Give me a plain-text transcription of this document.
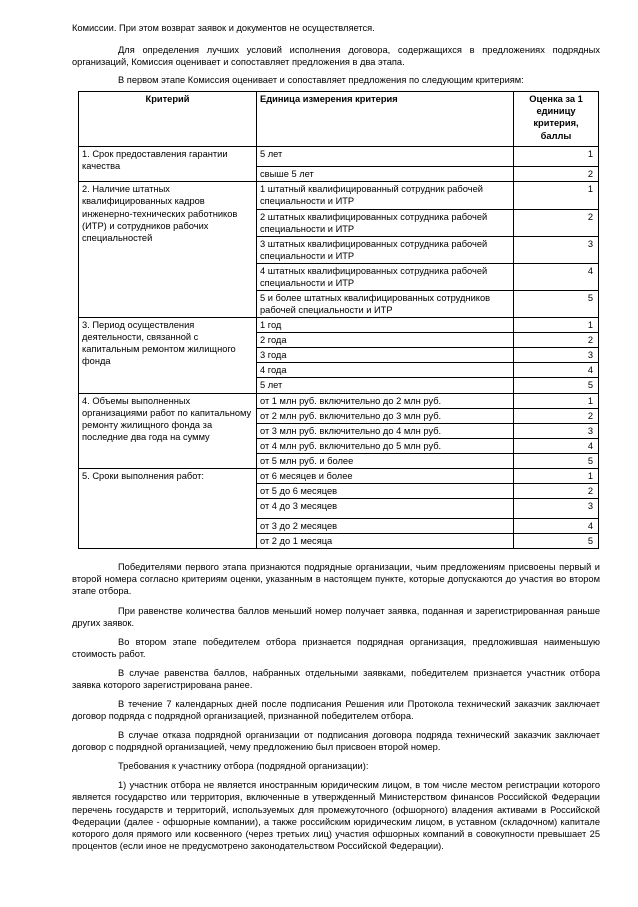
Комиссии. При этом возврат заявок и документов не осуществляется.

Для определения лучших условий исполнения договора, содержащихся в предложениях подрядных организаций, Комиссия оценивает и сопоставляет предложения в два этапа.

В первом этапе Комиссия оценивает и сопоставляет предложения по следующим критериям:

Критерий	Единица измерения критерия	Оценка за 1 единицу критерия, баллы
1. Срок предоставления гарантии качества	5 лет	1
	свыше 5 лет	2
2. Наличие штатных квалифицированных кадров инженерно-технических работников (ИТР) и сотрудников рабочих специальностей	1 штатный квалифицированный сотрудник рабочей специальности и ИТР	1
	2 штатных квалифицированных сотрудника рабочей специальности и ИТР	2
	3 штатных квалифицированных сотрудника рабочей специальности и ИТР	3
	4 штатных квалифицированных сотрудника рабочей специальности и ИТР	4
	5 и более штатных квалифицированных сотрудников рабочей специальности и ИТР	5
3. Период осуществления деятельности, связанной с капитальным ремонтом жилищного фонда	1 год	1
	2 года	2
	3 года	3
	4 года	4
	5 лет	5
4. Объемы выполненных организациями работ по капитальному ремонту жилищного фонда за последние два года на сумму	от 1 млн руб. включительно до 2 млн руб.	1
	от 2 млн руб. включительно до 3 млн руб.	2
	от 3 млн руб. включительно до 4 млн руб.	3
	от 4 млн руб. включительно до 5 млн руб.	4
	от 5 млн руб. и более	5
5. Сроки выполнения работ:	от 6 месяцев и более	1
	от 5 до 6 месяцев	2
	от 4 до 3 месяцев	3
	от 3 до 2 месяцев	4
	от 2 до 1 месяца	5

Победителями первого этапа признаются подрядные организации, чьим предложениям присвоены первый и второй номера согласно критериям оценки, указанным в настоящем пункте, которые допускаются до участия во втором этапе отбора.

При равенстве количества баллов меньший номер получает заявка, поданная и зарегистрированная раньше других заявок.

Во втором этапе победителем отбора признается подрядная организация, предложившая наименьшую стоимость работ.

В случае равенства баллов, набранных отдельными заявками, победителем признается участник отбора заявка которого зарегистрирована ранее.

В течение 7 календарных дней после подписания Решения или Протокола технический заказчик заключает договор подряда с подрядной организацией, признанной победителем отбора.

В случае отказа подрядной организации от подписания договора подряда технический заказчик заключает договор с подрядной организацией, чему предложению был присвоен второй номер.

Требования к участнику отбора (подрядной организации):

1) участник отбора не является иностранным юридическим лицом, в том числе местом регистрации которого является государство или территория, включенные в утвержденный Министерством финансов Российской Федерации перечень государств и территорий, используемых для промежуточного (офшорного) владения активами в Российской Федерации (далее - офшорные компании), а также российским юридическим лицом, в уставном (складочном) капитале которого доля прямого или косвенного (через третьих лиц) участия офшорных компаний в совокупности превышает 25 процентов (если иное не предусмотрено законодательством Российской Федерации).
